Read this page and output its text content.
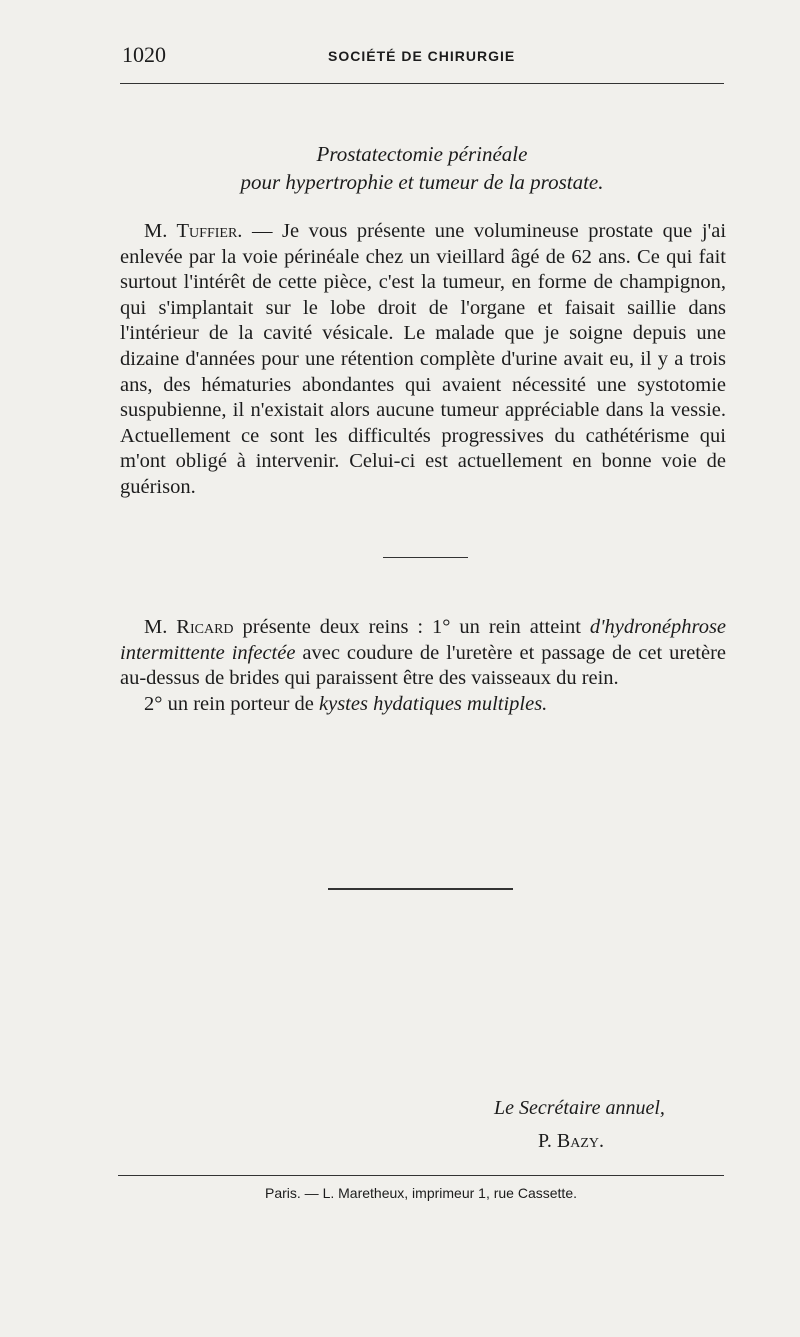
1020	SOCIÉTÉ DE CHIRURGIE
Prostatectomie périnéale
pour hypertrophie et tumeur de la prostate.

M. Tuffier. — Je vous présente une volumineuse prostate que j'ai enlevée par la voie périnéale chez un vieillard âgé de 62 ans. Ce qui fait surtout l'intérêt de cette pièce, c'est la tumeur, en forme de champignon, qui s'implantait sur le lobe droit de l'organe et faisait saillie dans l'intérieur de la cavité vésicale. Le malade que je soigne depuis une dizaine d'années pour une rétention complète d'urine avait eu, il y a trois ans, des hématuries abondantes qui avaient nécessité une systotomie suspubienne, il n'existait alors aucune tumeur appréciable dans la vessie. Actuellement ce sont les difficultés progressives du cathétérisme qui m'ont obligé à intervenir. Celui-ci est actuellement en bonne voie de guérison.

M. Ricard présente deux reins : 1° un rein atteint d'hydronéphrose intermittente infectée avec coudure de l'uretère et passage de cet uretère au-dessus de brides qui paraissent être des vaisseaux du rein.

2° un rein porteur de kystes hydatiques multiples.

Le Secrétaire annuel,
P. Bazy.
Paris. — L. Maretheux, imprimeur 1, rue Cassette.
